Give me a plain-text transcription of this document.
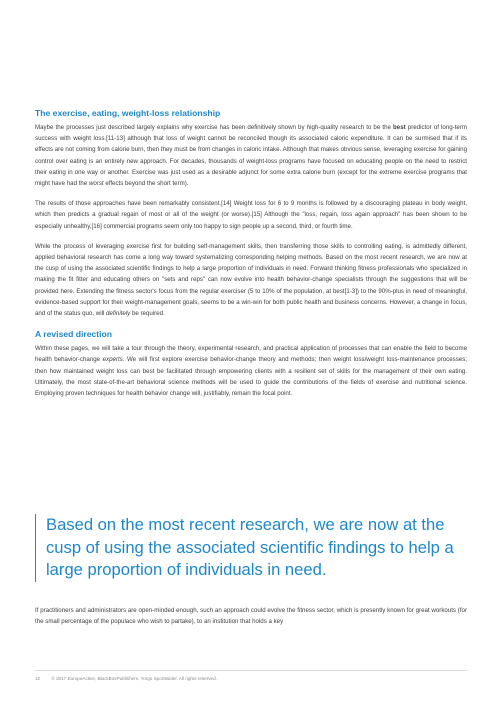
The exercise, eating, weight-loss relationship

Maybe the processes just described largely explains why exercise has been definitively shown by high-quality research to be the best predictor of long-term success with weight loss.[11-13] although that loss of weight cannot be reconciled though its associated caloric expenditure. It can be surmised that if its effects are not coming from calorie burn, then they must be from changes in caloric intake. Although that makes obvious sense, leveraging exercise for gaining control over eating is an entirely new approach. For decades, thousands of weight-loss programs have focused on educating people on the need to restrict their eating in one way or another. Exercise was just used as a desirable adjunct for some extra calorie burn (except for the extreme exercise programs that might have had the worst effects beyond the short term).

The results of those approaches have been remarkably consistent.[14] Weight loss for 6 to 9 months is followed by a discouraging plateau in body weight, which then predicts a gradual regain of most or all of the weight (or worse).[15] Although the "loss, regain, loss again approach" has been shown to be especially unhealthy,[16] commercial programs seem only too happy to sign people up a second, third, or fourth time.

While the process of leveraging exercise first for building self-management skills, then transferring those skills to controlling eating, is admittedly different, applied behavioral research has come a long way toward systematizing corresponding helping methods. Based on the most recent research, we are now at the cusp of using the associated scientific findings to help a large proportion of individuals in need. Forward thinking fitness professionals who specialized in making the fit fitter and educating others on "sets and reps" can now evolve into health behavior-change specialists through the suggestions that will be provided here. Extending the fitness sector's focus from the regular exerciser (5 to 10% of the population, at best[1-3]) to the 90%-plus in need of meaningful, evidence-based support for their weight-management goals, seems to be a win-win for both public health and business concerns. However, a change in focus, and of the status quo, will definitely be required.

A revised direction

Within these pages, we will take a tour through the theory, experimental research, and practical application of processes that can enable the field to become health behavior-change experts. We will first explore exercise behavior-change theory and methods; then weight loss/weight loss-maintenance processes; then how maintained weight loss can best be facilitated through empowering clients with a resilient set of skills for the management of their own eating. Ultimately, the most state-of-the-art behavioral science methods will be used to guide the contributions of the fields of exercise and nutritional science. Employing proven techniques for health behavior change will, justifiably, remain the focal point.

Based on the most recent research, we are now at the cusp of using the associated scientific findings to help a large proportion of individuals in need.

If practitioners and administrators are open-minded enough, such an approach could evolve the fitness sector, which is presently known for great workouts (for the small percentage of the populace who wish to partake), to an institution that holds a key

12 © 2017 EuropeActive, BlackBoxPublishers, Yorgo Sportssider. All rights reserved.
